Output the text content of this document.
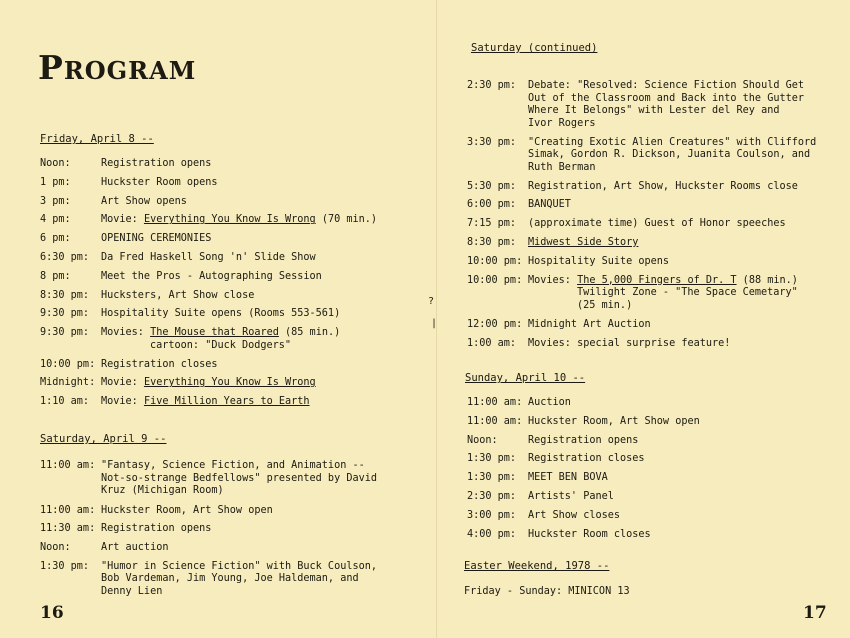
PROGRAM
Friday, April 8 --
Noon:	Registration opens
1 pm:	Huckster Room opens
3 pm:	Art Show opens
4 pm:	Movie: Everything You Know Is Wrong (70 min.)
6 pm:	OPENING CEREMONIES
6:30 pm: Da Fred Haskell Song 'n' Slide Show
8 pm:	Meet the Pros - Autographing Session
8:30 pm: Hucksters, Art Show close
9:30 pm: Hospitality Suite opens (Rooms 553-561)
9:30 pm: Movies: The Mouse that Roared (85 min.)
cartoon: "Duck Dodgers"
10:00 pm: Registration closes
Midnight: Movie: Everything You Know Is Wrong
1:10 am: Movie: Five Million Years to Earth
Saturday, April 9 --
11:00 am: "Fantasy, Science Fiction, and Animation --
Not-so-strange Bedfellows" presented by David
Kruz (Michigan Room)
11:00 am: Huckster Room, Art Show open
11:30 am: Registration opens
Noon:	Art auction
1:30 pm: "Humor in Science Fiction" with Buck Coulson,
Bob Vardeman, Jim Young, Joe Haldeman, and
Denny Lien
16
Saturday (continued)
2:30 pm: Debate: "Resolved: Science Fiction Should Get
Out of the Classroom and Back into the Gutter
Where It Belongs" with Lester del Rey and
Ivor Rogers
3:30 pm: "Creating Exotic Alien Creatures" with Clifford
Simak, Gordon R. Dickson, Juanita Coulson, and
Ruth Berman
5:30 pm: Registration, Art Show, Huckster Rooms close
6:00 pm: BANQUET
7:15 pm: (approximate time) Guest of Honor speeches
8:30 pm: Midwest Side Story
10:00 pm: Hospitality Suite opens
10:00 pm: Movies: The 5,000 Fingers of Dr. T (88 min.)
Twilight Zone - "The Space Cemetary"
(25 min.)
12:00 pm: Midnight Art Auction
1:00 am: Movies: special surprise feature!
Sunday, April 10 --
11:00 am: Auction
11:00 am: Huckster Room, Art Show open
Noon:	Registration opens
1:30 pm: Registration closes
1:30 pm: MEET BEN BOVA
2:30 pm: Artists' Panel
3:00 pm: Art Show closes
4:00 pm: Huckster Room closes
Easter Weekend, 1978 --
Friday - Sunday: MINICON 13
17
?
|
